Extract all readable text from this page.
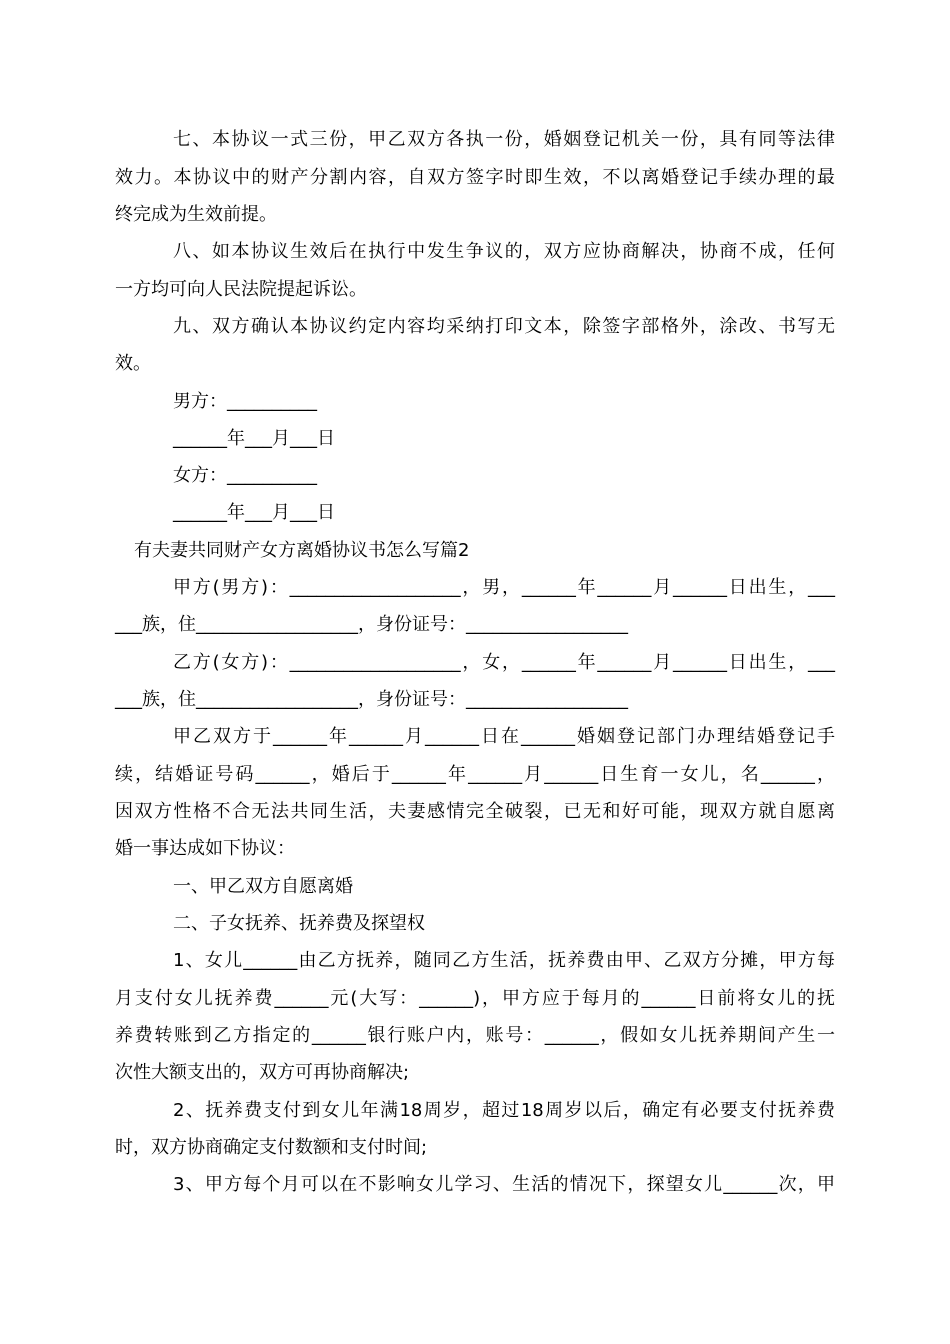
七、本协议一式三份，甲乙双方各执一份，婚姻登记机关一份，具有同等法律
效力。本协议中的财产分割内容，自双方签字时即生效，不以离婚登记手续办理的最
终完成为生效前提。
八、如本协议生效后在执行中发生争议的，双方应协商解决，协商不成，任何
一方均可向人民法院提起诉讼。
九、双方确认本协议约定内容均采纳打印文本，除签字部格外，涂改、书写无
效。
男方：__________
______年___月___日
女方：__________
______年___月___日
有夫妻共同财产女方离婚协议书怎么写篇2
甲方(男方)：___________________，男，______年______月______日出生，___
___族，住__________________，身份证号：__________________
乙方(女方)：___________________，女，______年______月______日出生，___
___族，住__________________，身份证号：__________________
甲乙双方于______年______月______日在______婚姻登记部门办理结婚登记手
续，结婚证号码______，婚后于______年______月______日生育一女儿，名______，
因双方性格不合无法共同生活，夫妻感情完全破裂，已无和好可能，现双方就自愿离
婚一事达成如下协议：
一、甲乙双方自愿离婚
二、子女抚养、抚养费及探望权
1、女儿______由乙方抚养，随同乙方生活，抚养费由甲、乙双方分摊，甲方每
月支付女儿抚养费______元(大写：______)，甲方应于每月的______日前将女儿的抚
养费转账到乙方指定的______银行账户内，账号：______，假如女儿抚养期间产生一
次性大额支出的，双方可再协商解决;
2、抚养费支付到女儿年满18周岁，超过18周岁以后，确定有必要支付抚养费
时，双方协商确定支付数额和支付时间;
3、甲方每个月可以在不影响女儿学习、生活的情况下，探望女儿______次，甲
